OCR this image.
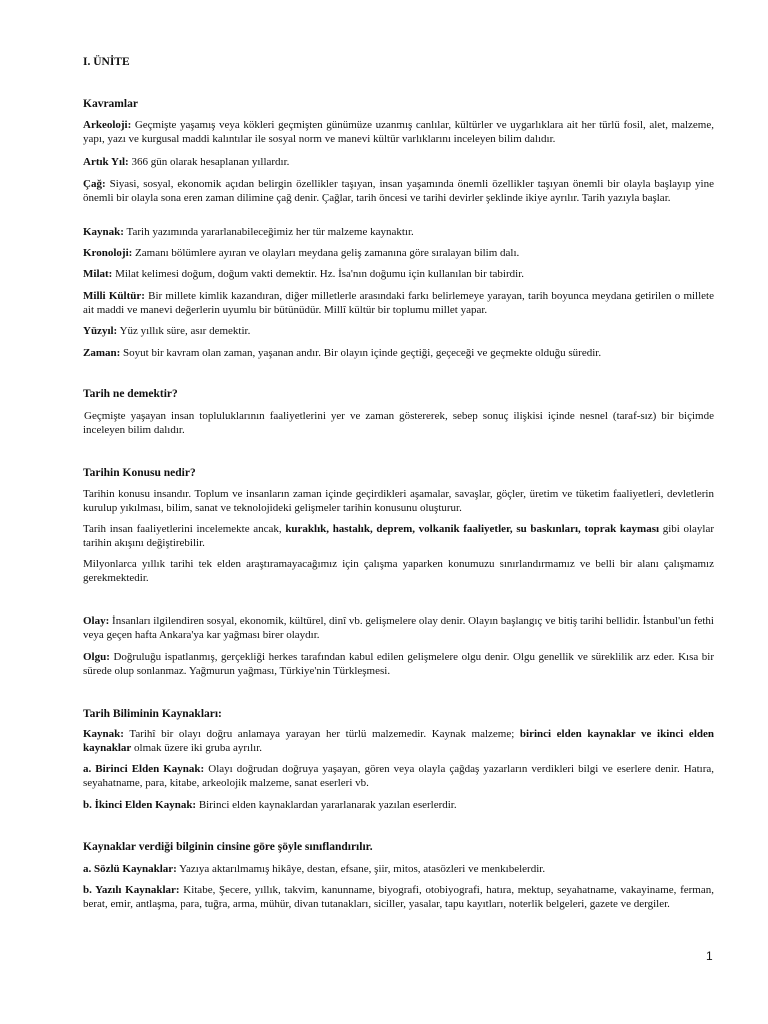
I. ÜNİTE

Kavramlar

Arkeoloji: Geçmişte yaşamış veya kökleri geçmişten günümüze uzanmış canlılar, kültürler ve uygarlıklara ait her türlü fosil, alet, malzeme, yapı, yazı ve kurgusal maddi kalıntılar ile sosyal norm ve manevi kültür varlıklarını inceleyen bilim dalıdır.

Artık Yıl: 366 gün olarak hesaplanan yıllardır.

Çağ: Siyasi, sosyal, ekonomik açıdan belirgin özellikler taşıyan, insan yaşamında önemli özellikler taşıyan önemli bir olayla başlayıp yine önemli bir olayla sona eren zaman dilimine çağ denir. Çağlar, tarih öncesi ve tarihi devirler şeklinde ikiye ayrılır. Tarih yazıyla başlar.

Kaynak: Tarih yazımında yararlanabileceğimiz her tür malzeme kaynaktır.

Kronoloji: Zamanı bölümlere ayıran ve olayları meydana geliş zamanına göre sıralayan bilim dalı.

Milat: Milat kelimesi doğum, doğum vakti demektir. Hz. İsa'nın doğumu için kullanılan bir tabirdir.

Milli Kültür: Bir millete kimlik kazandıran, diğer milletlerle arasındaki farkı belirlemeye yarayan, tarih boyunca meydana getirilen o millete ait maddi ve manevi değerlerin uyumlu bir bütünüdür. Millî kültür bir toplumu millet yapar.

Yüzyıl: Yüz yıllık süre, asır demektir.

Zaman: Soyut bir kavram olan zaman, yaşanan andır. Bir olayın içinde geçtiği, geçeceği ve geçmekte olduğu süredir.

Tarih ne demektir?

Geçmişte yaşayan insan topluluklarının faaliyetlerini yer ve zaman göstererek, sebep sonuç ilişkisi içinde nesnel (taraf-sız) bir biçimde inceleyen bilim dalıdır.

Tarihin Konusu nedir?

Tarihin konusu insandır. Toplum ve insanların zaman içinde geçirdikleri aşamalar, savaşlar, göçler, üretim ve tüketim faaliyetleri, devletlerin kurulup yıkılması, bilim, sanat ve teknolojideki gelişmeler tarihin konusunu oluşturur.

Tarih insan faaliyetlerini incelemekte ancak, kuraklık, hastalık, deprem, volkanik faaliyetler, su baskınları, toprak kayması gibi olaylar tarihin akışını değiştirebilir.

Milyonlarca yıllık tarihi tek elden araştıramayacağımız için çalışma yaparken konumuzu sınırlandırmamız ve belli bir alanı çalışmamız gerekmektedir.

Olay: İnsanları ilgilendiren sosyal, ekonomik, kültürel, dinî vb. gelişmelere olay denir. Olayın başlangıç ve bitiş tarihi bellidir. İstanbul'un fethi veya geçen hafta Ankara'ya kar yağması birer olaydır.

Olgu: Doğruluğu ispatlanmış, gerçekliği herkes tarafından kabul edilen gelişmelere olgu denir. Olgu genellik ve süreklilik arz eder. Kısa bir sürede olup sonlanmaz. Yağmurun yağması, Türkiye'nin Türkleşmesi.

Tarih Biliminin Kaynakları:

Kaynak: Tarihî bir olayı doğru anlamaya yarayan her türlü malzemedir. Kaynak malzeme; birinci elden kaynaklar ve ikinci elden kaynaklar olmak üzere iki gruba ayrılır.

a. Birinci Elden Kaynak: Olayı doğrudan doğruya yaşayan, gören veya olayla çağdaş yazarların verdikleri bilgi ve eserlere denir. Hatıra, seyahatname, para, kitabe, arkeolojik malzeme, sanat eserleri vb.

b. İkinci Elden Kaynak: Birinci elden kaynaklardan yararlanarak yazılan eserlerdir.

Kaynaklar verdiği bilginin cinsine göre şöyle sınıflandırılır.

a. Sözlü Kaynaklar: Yazıya aktarılmamış hikâye, destan, efsane, şiir, mitos, atasözleri ve menkıbelerdir.

b. Yazılı Kaynaklar: Kitabe, Şecere, yıllık, takvim, kanunname, biyografi, otobiyografi, hatıra, mektup, seyahatname, vakayiname, ferman, berat, emir, antlaşma, para, tuğra, arma, mühür, divan tutanakları, siciller, yasalar, tapu kayıtları, noterlik belgeleri, gazete ve dergiler.

1
